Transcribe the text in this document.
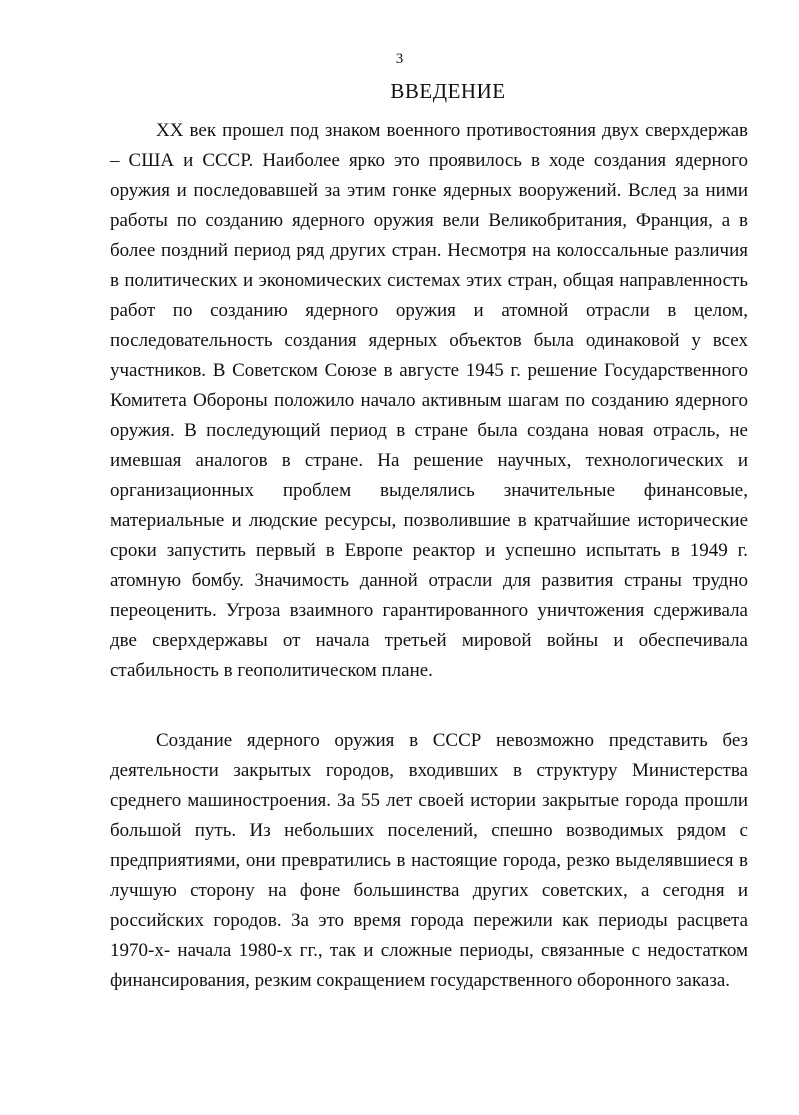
3
ВВЕДЕНИЕ

XX век прошел под знаком военного противостояния двух сверхдержав – США и СССР. Наиболее ярко это проявилось в ходе создания ядерного оружия и последовавшей за этим гонке ядерных вооружений. Вслед за ними работы по созданию ядерного оружия вели Великобритания, Франция, а в более поздний период ряд других стран. Несмотря на колоссальные различия в политических и экономических системах этих стран, общая направленность работ по созданию ядерного оружия и атомной отрасли в целом, последовательность создания ядерных объектов была одинаковой у всех участников. В Советском Союзе в августе 1945 г. решение Государственного Комитета Обороны положило начало активным шагам по созданию ядерного оружия. В последующий период в стране была создана новая отрасль, не имевшая аналогов в стране. На решение научных, технологических и организационных проблем выделялись значительные финансовые, материальные и людские ресурсы, позволившие в кратчайшие исторические сроки запустить первый в Европе реактор и успешно испытать в 1949 г. атомную бомбу. Значимость данной отрасли для развития страны трудно переоценить. Угроза взаимного гарантированного уничтожения сдерживала две сверхдержавы от начала третьей мировой войны и обеспечивала стабильность в геополитическом плане.

Создание ядерного оружия в СССР невозможно представить без деятельности закрытых городов, входивших в структуру Министерства среднего машиностроения. За 55 лет своей истории закрытые города прошли большой путь. Из небольших поселений, спешно возводимых рядом с предприятиями, они превратились в настоящие города, резко выделявшиеся в лучшую сторону на фоне большинства других советских, а сегодня и российских городов. За это время города пережили как периоды расцвета 1970-х- начала 1980-х гг., так и сложные периоды, связанные с недостатком финансирования, резким сокращением государственного оборонного заказа.
